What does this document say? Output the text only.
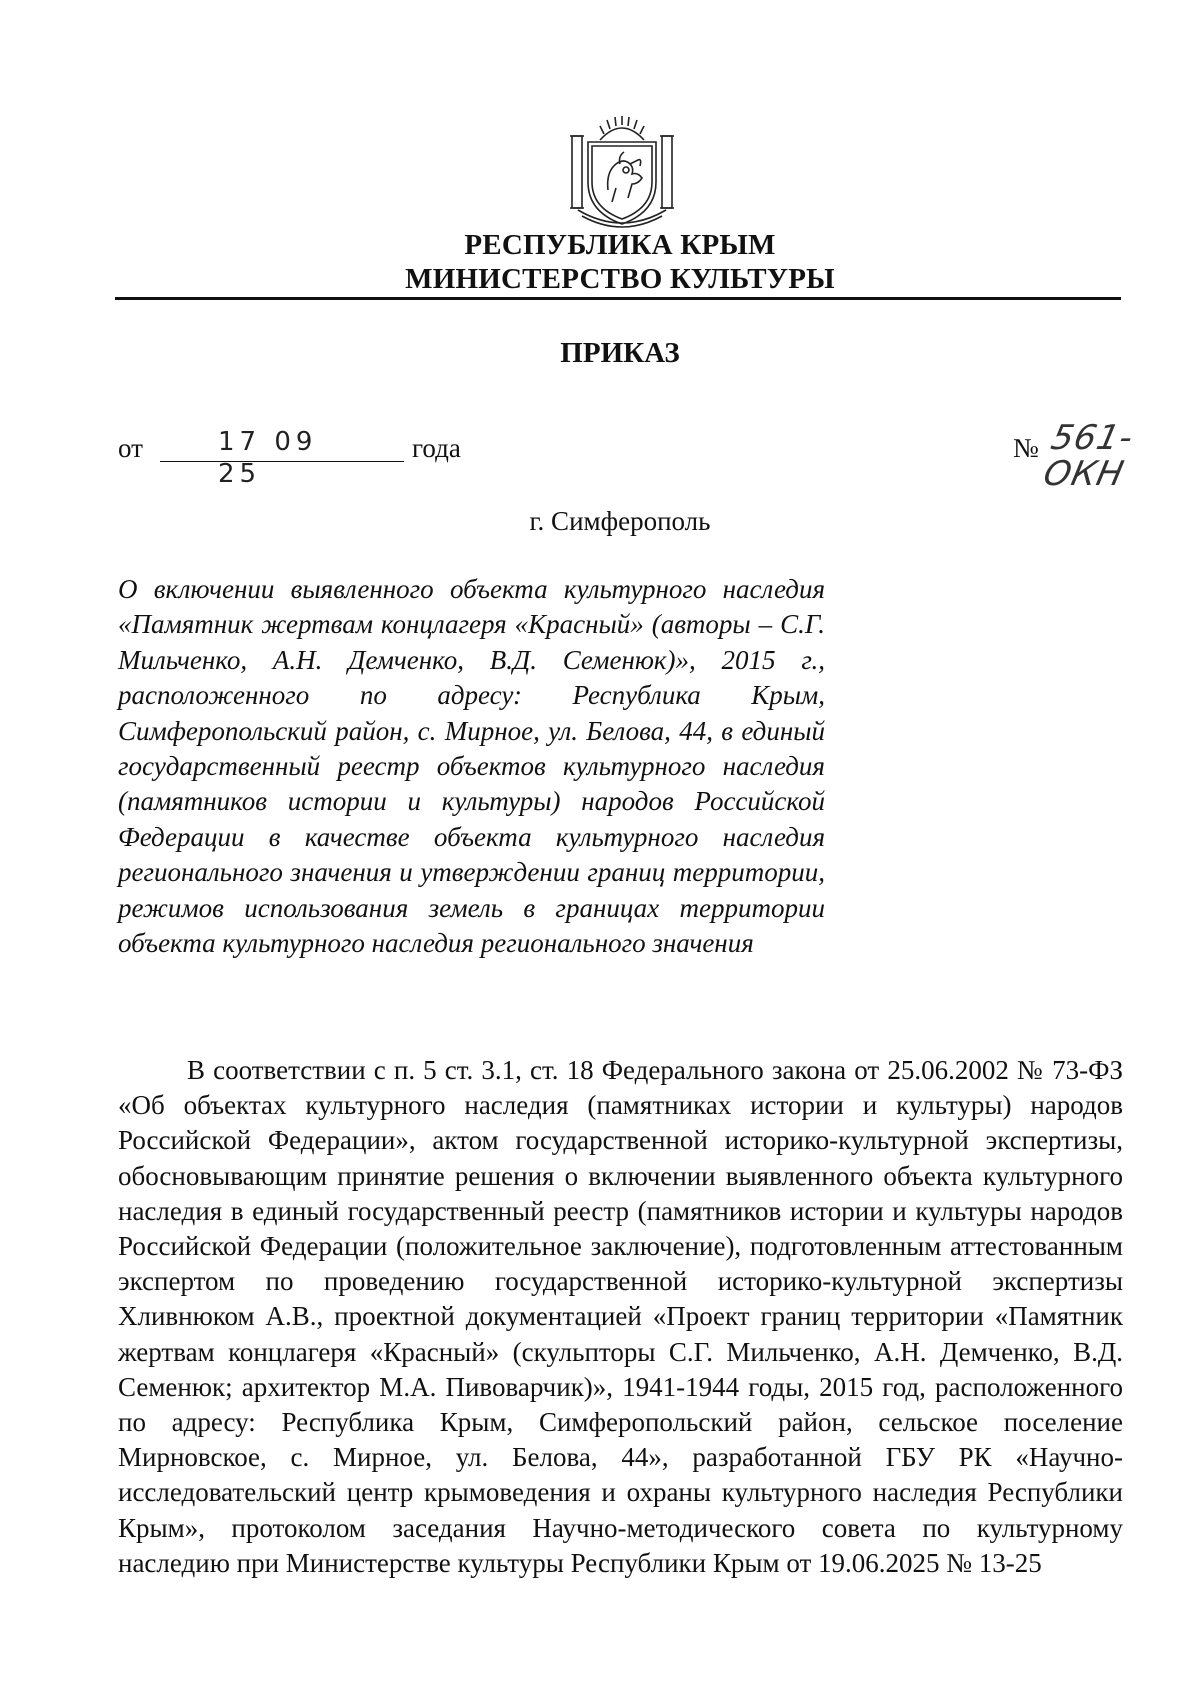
РЕСПУБЛИКА КРЫМ
МИНИСТЕРСТВО КУЛЬТУРЫ
ПРИКАЗ
от	17 09 25
года	№ 561-ОКН
г. Симферополь

О включении выявленного объекта культурного наследия «Памятник жертвам концлагеря «Красный» (авторы – С.Г. Мильченко, А.Н. Демченко, В.Д. Семенюк)», 2015 г., расположенного по адресу: Республика Крым, Симферопольский район, с. Мирное, ул. Белова, 44, в единый государственный реестр объектов культурного наследия (памятников истории и культуры) народов Российской Федерации в качестве объекта культурного наследия регионального значения и утверждении границ территории, режимов использования земель в границах территории объекта культурного наследия регионального значения

В соответствии с п. 5 ст. 3.1, ст. 18 Федерального закона от 25.06.2002 № 73-ФЗ «Об объектах культурного наследия (памятниках истории и культуры) народов Российской Федерации», актом государственной историко-культурной экспертизы, обосновывающим принятие решения о включении выявленного объекта культурного наследия в единый государственный реестр (памятников истории и культуры народов Российской Федерации (положительное заключение), подготовленным аттестованным экспертом по проведению государственной историко-культурной экспертизы Хливнюком А.В., проектной документацией «Проект границ территории «Памятник жертвам концлагеря «Красный» (скульпторы С.Г. Мильченко, А.Н. Демченко, В.Д. Семенюк; архитектор М.А. Пивоварчик)», 1941-1944 годы, 2015 год, расположенного по адресу: Республика Крым, Симферопольский район, сельское поселение Мирновское, с. Мирное, ул. Белова, 44», разработанной ГБУ РК «Научно-исследовательский центр крымоведения и охраны культурного наследия Республики Крым», протоколом заседания Научно-методического совета по культурному наследию при Министерстве культуры Республики Крым от 19.06.2025 № 13-25
